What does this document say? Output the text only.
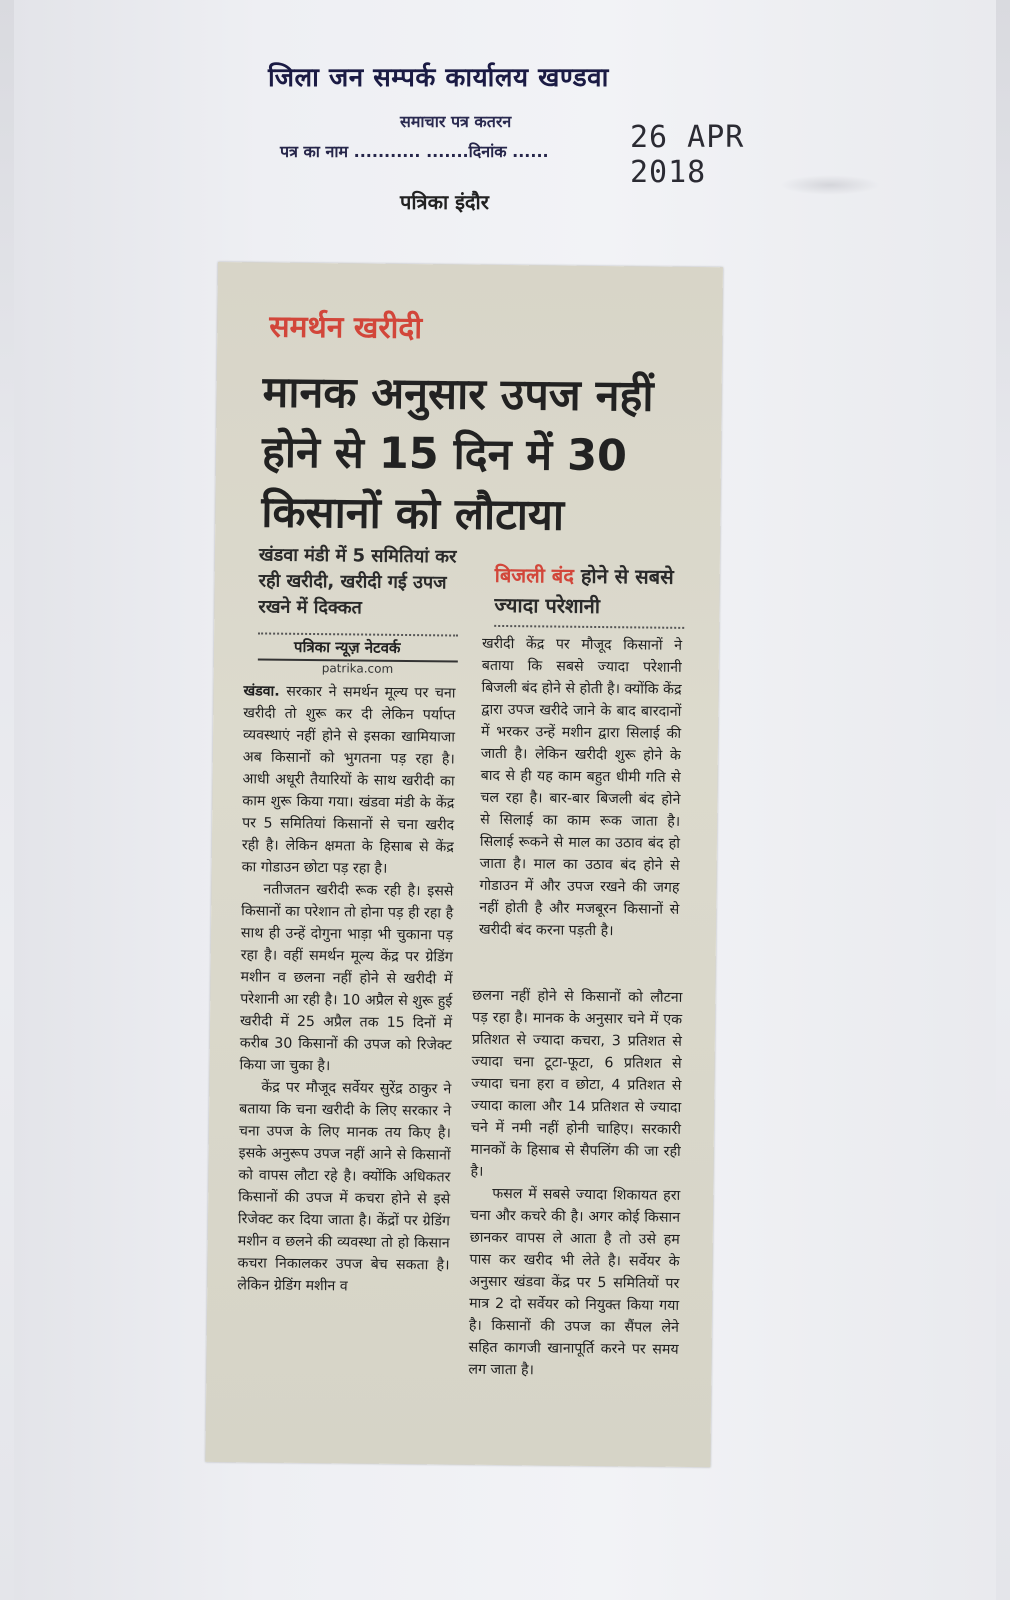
जिला जन सम्पर्क कार्यालय खण्डवा
समाचार पत्र कतरन	26 APR 2018
पत्र का नाम ........... .......दिनांक ......
पत्रिका इंदौर
समर्थन खरीदी
मानक अनुसार उपज नहीं होने से 15 दिन में 30 किसानों को लौटाया
खंडवा मंडी में 5 समितियां कर रही खरीदी, खरीदी गई उपज रखने में दिक्कत
पत्रिका न्यूज़ नेटवर्क
patrika.com
बिजली बंद होने से सबसे ज्यादा परेशानी

खंडवा. सरकार ने समर्थन मूल्य पर चना खरीदी तो शुरू कर दी लेकिन पर्याप्त व्यवस्थाएं नहीं होने से इसका खामियाजा अब किसानों को भुगतना पड़ रहा है। आधी अधूरी तैयारियों के साथ खरीदी का काम शुरू किया गया। खंडवा मंडी के केंद्र पर 5 समितियां किसानों से चना खरीद रही है। लेकिन क्षमता के हिसाब से केंद्र का गोडाउन छोटा पड़ रहा है।

नतीजतन खरीदी रूक रही है। इससे किसानों का परेशान तो होना पड़ ही रहा है साथ ही उन्हें दोगुना भाड़ा भी चुकाना पड़ रहा है। वहीं समर्थन मूल्य केंद्र पर ग्रेडिंग मशीन व छलना नहीं होने से खरीदी में परेशानी आ रही है। 10 अप्रैल से शुरू हुई खरीदी में 25 अप्रैल तक 15 दिनों में करीब 30 किसानों की उपज को रिजेक्ट किया जा चुका है।

केंद्र पर मौजूद सर्वेयर सुरेंद्र ठाकुर ने बताया कि चना खरीदी के लिए सरकार ने चना उपज के लिए मानक तय किए है। इसके अनुरूप उपज नहीं आने से किसानों को वापस लौटा रहे है। क्योंकि अधिकतर किसानों की उपज में कचरा होने से इसे रिजेक्ट कर दिया जाता है। केंद्रों पर ग्रेडिंग मशीन व छलने की व्यवस्था तो हो किसान कचरा निकालकर उपज बेच सकता है। लेकिन ग्रेडिंग मशीन व

खरीदी केंद्र पर मौजूद किसानों ने बताया कि सबसे ज्यादा परेशानी बिजली बंद होने से होती है। क्योंकि केंद्र द्वारा उपज खरीदे जाने के बाद बारदानों में भरकर उन्हें मशीन द्वारा सिलाई की जाती है। लेकिन खरीदी शुरू होने के बाद से ही यह काम बहुत धीमी गति से चल रहा है। बार-बार बिजली बंद होने से सिलाई का काम रूक जाता है। सिलाई रूकने से माल का उठाव बंद हो जाता है। माल का उठाव बंद होने से गोडाउन में और उपज रखने की जगह नहीं होती है और मजबूरन किसानों से खरीदी बंद करना पड़ती है।

छलना नहीं होने से किसानों को लौटना पड़ रहा है। मानक के अनुसार चने में एक प्रतिशत से ज्यादा कचरा, 3 प्रतिशत से ज्यादा चना टूटा-फूटा, 6 प्रतिशत से ज्यादा चना हरा व छोटा, 4 प्रतिशत से ज्यादा काला और 14 प्रतिशत से ज्यादा चने में नमी नहीं होनी चाहिए। सरकारी मानकों के हिसाब से सैपलिंग की जा रही है।

फसल में सबसे ज्यादा शिकायत हरा चना और कचरे की है। अगर कोई किसान छानकर वापस ले आता है तो उसे हम पास कर खरीद भी लेते है। सर्वेयर के अनुसार खंडवा केंद्र पर 5 समितियों पर मात्र 2 दो सर्वेयर को नियुक्त किया गया है। किसानों की उपज का सैंपल लेने सहित कागजी खानापूर्ति करने पर समय लग जाता है।
